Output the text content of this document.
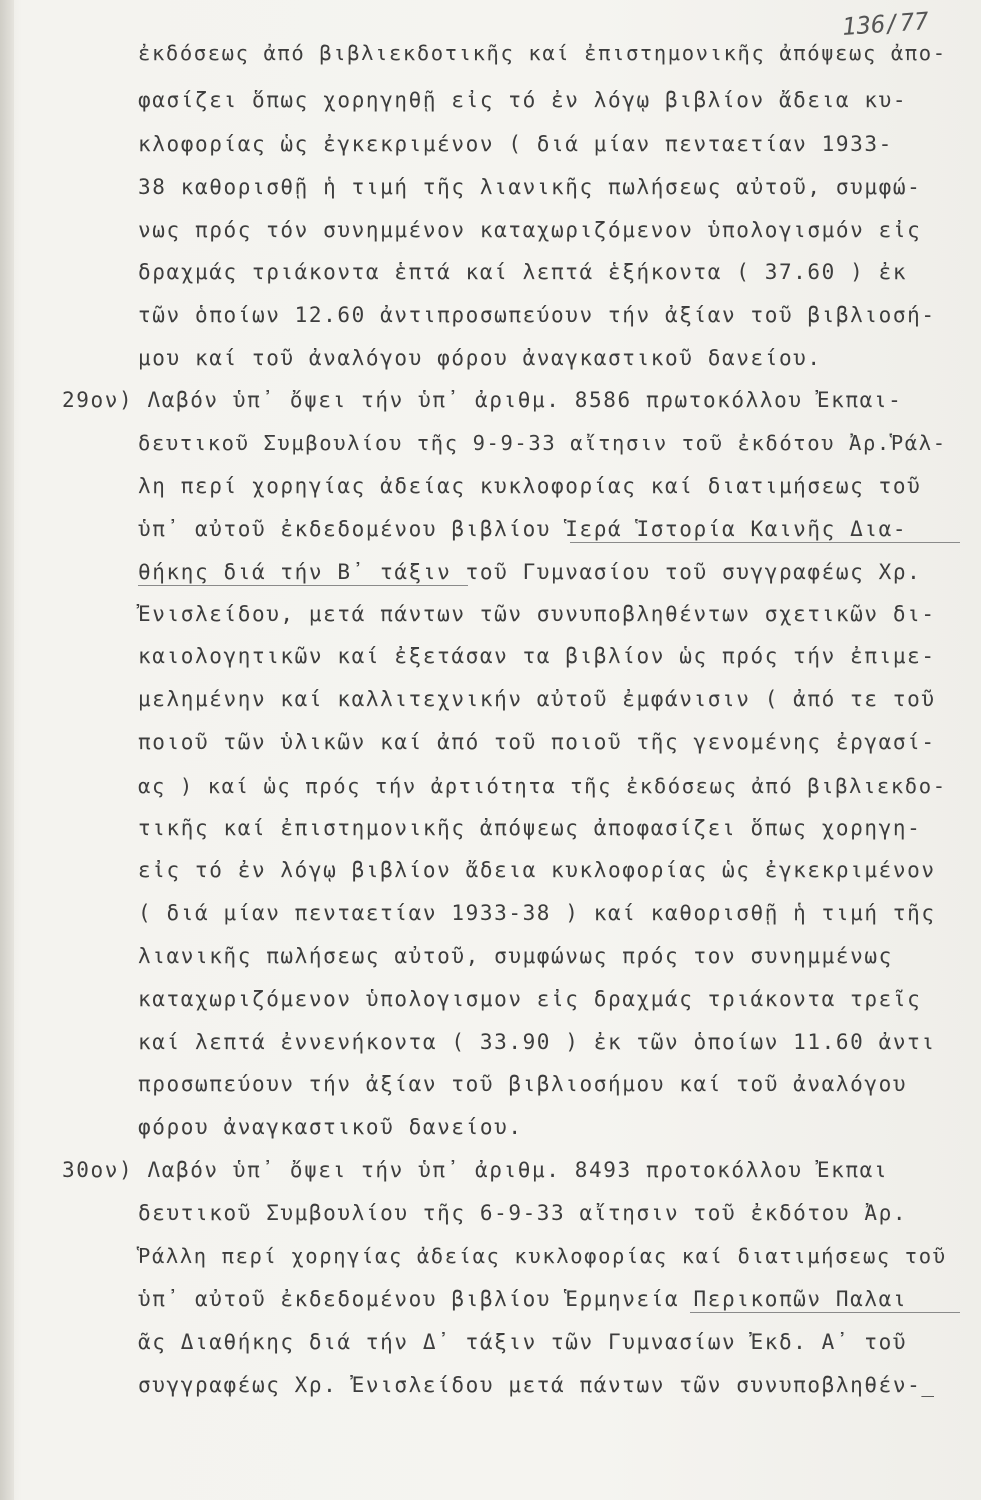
136/77
ἐκδόσεως ἀπό βιβλιεκδοτικῆς καί ἐπιστημονικῆς ἀπόψεως ἀπο-
φασίζει ὅπως χορηγηθῇ εἰς τό ἐν λόγῳ βιβλίον ἄδεια κυ-
κλοφορίας ὡς ἐγκεκριμένον ( διά μίαν πενταετίαν 1933-
38 καθορισθῇ ἡ τιμή τῆς λιανικῆς πωλήσεως αὐτοῦ, συμφώ-
νως πρός τόν συνημμένον καταχωριζόμενον ὑπολογισμόν εἰς
δραχμάς τριάκοντα ἑπτά καί λεπτά ἑξήκοντα ( 37.60 ) ἐκ
τῶν ὁποίων 12.60 ἀντιπροσωπεύουν τήν ἀξίαν τοῦ βιβλιοσή-
μου καί τοῦ ἀναλόγου φόρου ἀναγκαστικοῦ δανείου.
29ον) Λαβόν ὑπ᾽ ὄψει τήν ὑπ᾽ ἀριθμ. 8586 πρωτοκόλλου Ἐκπαι-
δευτικοῦ Συμβουλίου τῆς 9-9-33 αἴτησιν τοῦ ἐκδότου Ἀρ.Ῥάλ-
λη περί χορηγίας ἀδείας κυκλοφορίας καί διατιμήσεως τοῦ
ὑπ᾽ αὐτοῦ ἐκδεδομένου βιβλίου Ἱερά Ἱστορία Καινῆς Δια-
θήκης διά τήν Β᾽ τάξιν τοῦ Γυμνασίου τοῦ συγγραφέως Χρ.
Ἐνισλείδου, μετά πάντων τῶν συνυποβληθέντων σχετικῶν δι-
καιολογητικῶν καί ἐξετάσαν τα βιβλίον ὡς πρός τήν ἐπιμε-
μελημένην καί καλλιτεχνικήν αὐτοῦ ἐμφάνισιν ( ἀπό τε τοῦ
ποιοῦ τῶν ὑλικῶν καί ἀπό τοῦ ποιοῦ τῆς γενομένης ἐργασί-
ας ) καί ὡς πρός τήν ἀρτιότητα τῆς ἐκδόσεως ἀπό βιβλιεκδο-
τικῆς καί ἐπιστημονικῆς ἀπόψεως ἀποφασίζει ὅπως χορηγη-
εἰς τό ἐν λόγῳ βιβλίον ἄδεια κυκλοφορίας ὡς ἐγκεκριμένον
( διά μίαν πενταετίαν 1933-38 ) καί καθορισθῇ ἡ τιμή τῆς
λιανικῆς πωλήσεως αὐτοῦ, συμφώνως πρός τον συνημμένως
καταχωριζόμενον ὑπολογισμον εἰς δραχμάς τριάκοντα τρεῖς
καί λεπτά ἐννενήκοντα ( 33.90 ) ἐκ τῶν ὁποίων 11.60 ἀντι
προσωπεύουν τήν ἀξίαν τοῦ βιβλιοσήμου καί τοῦ ἀναλόγου
φόρου ἀναγκαστικοῦ δανείου.
30ον) Λαβόν ὑπ᾽ ὄψει τήν ὑπ᾽ ἀριθμ. 8493 προτοκόλλου Ἐκπαι
δευτικοῦ Συμβουλίου τῆς 6-9-33 αἴτησιν τοῦ ἐκδότου Ἀρ.
Ῥάλλη περί χορηγίας ἀδείας κυκλοφορίας καί διατιμήσεως τοῦ
ὑπ᾽ αὐτοῦ ἐκδεδομένου βιβλίου Ἑρμηνεία Περικοπῶν Παλαι
ᾶς Διαθήκης διά τήν Δ᾽ τάξιν τῶν Γυμνασίων Ἐκδ. Α᾽ τοῦ
συγγραφέως Χρ. Ἐνισλείδου μετά πάντων τῶν συνυποβληθέν-_
